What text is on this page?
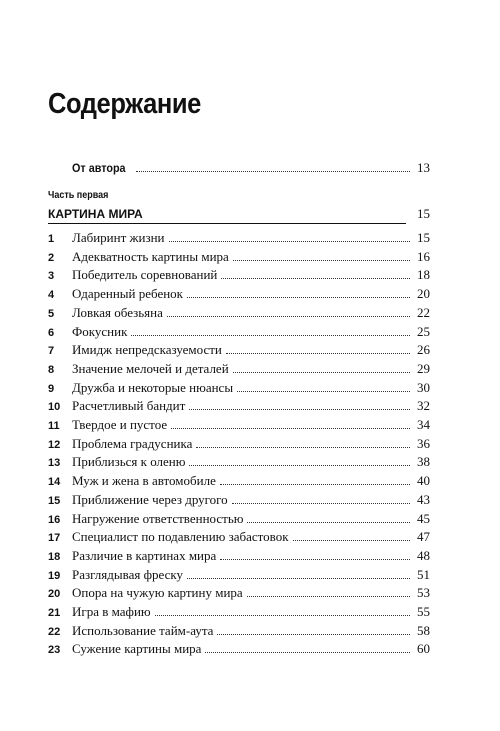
Содержание
От автора	13
Часть первая
КАРТИНА МИРА	15
1	Лабиринт жизни	15
2	Адекватность картины мира	16
3	Победитель соревнований	18
4	Одаренный ребенок	20
5	Ловкая обезьяна	22
6	Фокусник	25
7	Имидж непредсказуемости	26
8	Значение мелочей и деталей	29
9	Дружба и некоторые нюансы	30
10 Расчетливый бандит	32
11 Твердое и пустое	34
12 Проблема градусника	36
13 Приблизься к оленю	38
14 Муж и жена в автомобиле	40
15 Приближение через другого	43
16 Нагружение ответственностью	45
17 Специалист по подавлению забастовок	47
18 Различие в картинах мира	48
19 Разглядывая фреску	51
20 Опора на чужую картину мира	53
21 Игра в мафию	55
22 Использование тайм-аута	58
23 Сужение картины мира	60
